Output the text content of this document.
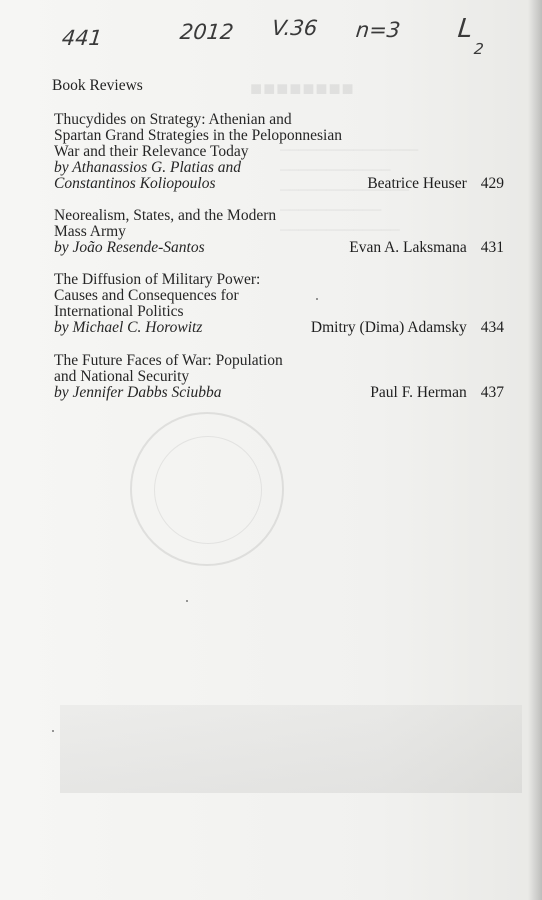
■■■■■■■■
───────────────
────────────
──────────────
───────────
─────────────
441	2012 V.36 n=3 L
2
Book Reviews
Thucydides on Strategy: Athenian and
Spartan Grand Strategies in the Peloponnesian
War and their Relevance Today
by Athanassios G. Platias and
Constantinos Koliopoulos	Beatrice Heuser 429
Neorealism, States, and the Modern
Mass Army
by João Resende-Santos	Evan A. Laksmana 431
The Diffusion of Military Power:
Causes and Consequences for
International Politics
by Michael C. Horowitz	Dmitry (Dima) Adamsky 434
The Future Faces of War: Population
and National Security
by Jennifer Dabbs Sciubba	Paul F. Herman 437
